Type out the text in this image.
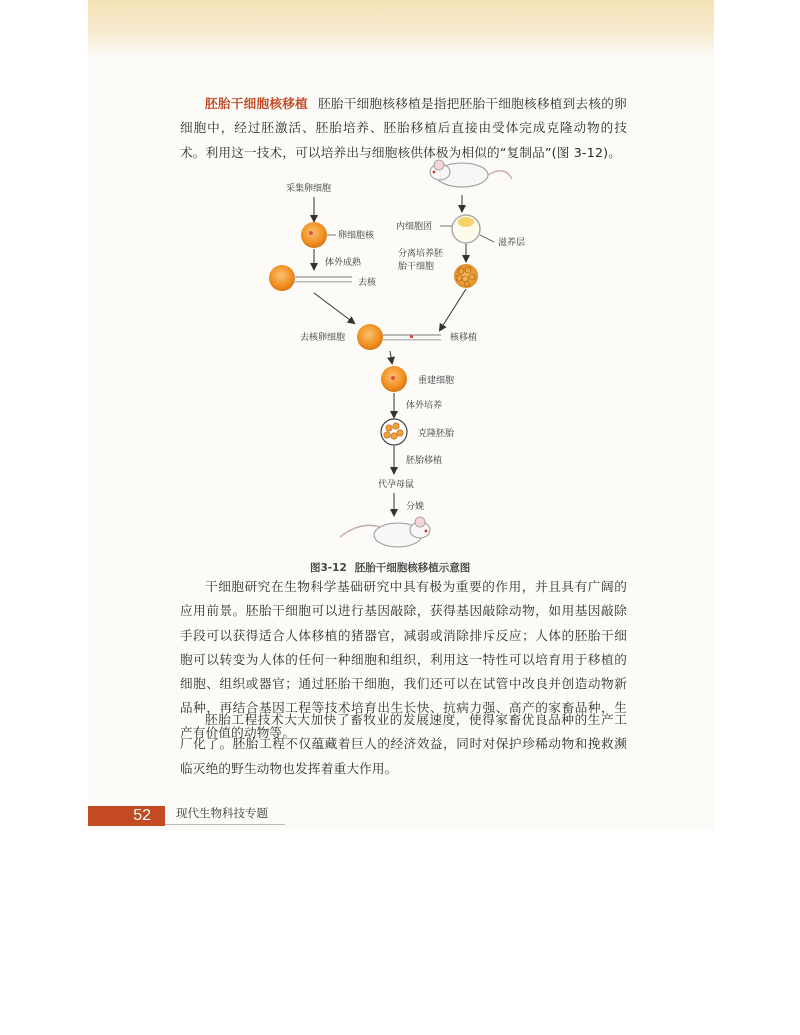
胚胎干细胞核移植 胚胎干细胞核移植是指把胚胎干细胞核移植到去核的卵细胞中，经过胚激活、胚胎培养、胚胎移植后直接由受体完成克隆动物的技术。利用这一技术，可以培养出与细胞核供体极为相似的“复制品”(图 3-12)。

采集卵细胞
卵细胞核
体外成熟
去核
内细胞团
滋养层
分离培养胚
胎干细胞
去核卵细胞	核移植
重建细胞
体外培养
克隆胚胎
胚胎移植
代孕母鼠
分娩
图3-12 胚胎干细胞核移植示意图

干细胞研究在生物科学基础研究中具有极为重要的作用，并且具有广阔的应用前景。胚胎干细胞可以进行基因敲除，获得基因敲除动物，如用基因敲除手段可以获得适合人体移植的猪器官，减弱或消除排斥反应；人体的胚胎干细胞可以转变为人体的任何一种细胞和组织，利用这一特性可以培育用于移植的细胞、组织或器官；通过胚胎干细胞，我们还可以在试管中改良并创造动物新品种，再结合基因工程等技术培育出生长快、抗病力强、高产的家畜品种，生产有价值的动物等。

胚胎工程技术大大加快了畜牧业的发展速度，使得家畜优良品种的生产工厂化了。胚胎工程不仅蕴藏着巨人的经济效益，同时对保护珍稀动物和挽救濒临灭绝的野生动物也发挥着重大作用。

52	现代生物科技专题
